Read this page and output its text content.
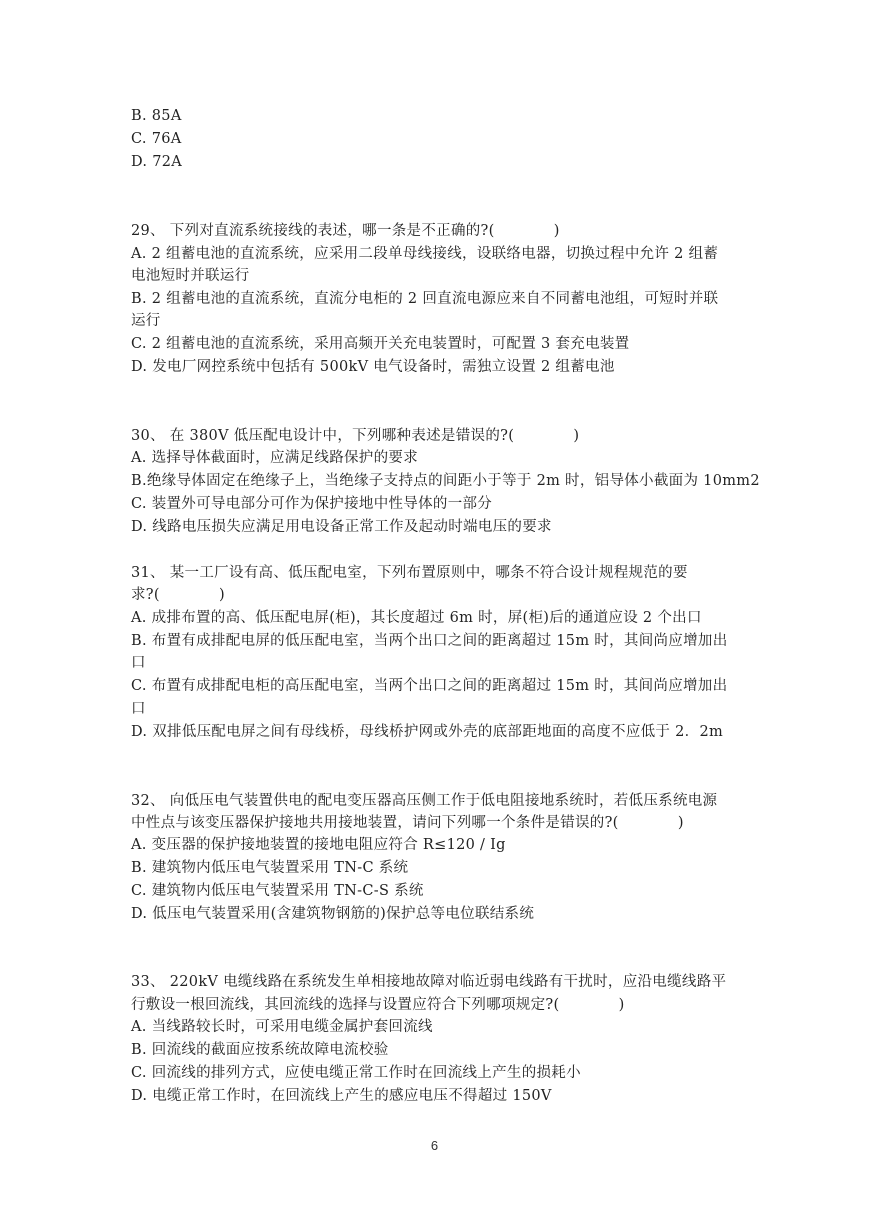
B. 85A
C. 76A
D. 72A
29、 下列对直流系统接线的表述，哪一条是不正确的?(　　　　)
A. 2 组蓄电池的直流系统，应采用二段单母线接线，设联络电器，切换过程中允许 2 组蓄
电池短时并联运行
B. 2 组蓄电池的直流系统，直流分电柜的 2 回直流电源应来自不同蓄电池组，可短时并联
运行
C. 2 组蓄电池的直流系统，采用高频开关充电装置时，可配置 3 套充电装置
D. 发电厂网控系统中包括有 500kV 电气设备时，需独立设置 2 组蓄电池
30、 在 380V 低压配电设计中，下列哪种表述是错误的?(　　　　)
A. 选择导体截面时，应满足线路保护的要求
B.绝缘导体固定在绝缘子上，当绝缘子支持点的间距小于等于 2m 时，铝导体小截面为 10mm2
C. 装置外可导电部分可作为保护接地中性导体的一部分
D. 线路电压损失应满足用电设备正常工作及起动时端电压的要求
31、 某一工厂设有高、低压配电室，下列布置原则中，哪条不符合设计规程规范的要
求?(　　　　)
A. 成排布置的高、低压配电屏(柜)，其长度超过 6m 时，屏(柜)后的通道应设 2 个出口
B. 布置有成排配电屏的低压配电室，当两个出口之间的距离超过 15m 时，其间尚应增加出
口
C. 布置有成排配电柜的高压配电室，当两个出口之间的距离超过 15m 时，其间尚应增加出
口
D. 双排低压配电屏之间有母线桥，母线桥护网或外壳的底部距地面的高度不应低于 2．2m
32、 向低压电气装置供电的配电变压器高压侧工作于低电阻接地系统时，若低压系统电源
中性点与该变压器保护接地共用接地装置，请问下列哪一个条件是错误的?(　　　　)
A. 变压器的保护接地装置的接地电阻应符合 R≤120 / Ig
B. 建筑物内低压电气装置采用 TN-C 系统
C. 建筑物内低压电气装置采用 TN-C-S 系统
D. 低压电气装置采用(含建筑物钢筋的)保护总等电位联结系统
33、 220kV 电缆线路在系统发生单相接地故障对临近弱电线路有干扰时，应沿电缆线路平
行敷设一根回流线，其回流线的选择与设置应符合下列哪项规定?(　　　　)
A. 当线路较长时，可采用电缆金属护套回流线
B. 回流线的截面应按系统故障电流校验
C. 回流线的排列方式，应使电缆正常工作时在回流线上产生的损耗小
D. 电缆正常工作时，在回流线上产生的感应电压不得超过 150V
6
